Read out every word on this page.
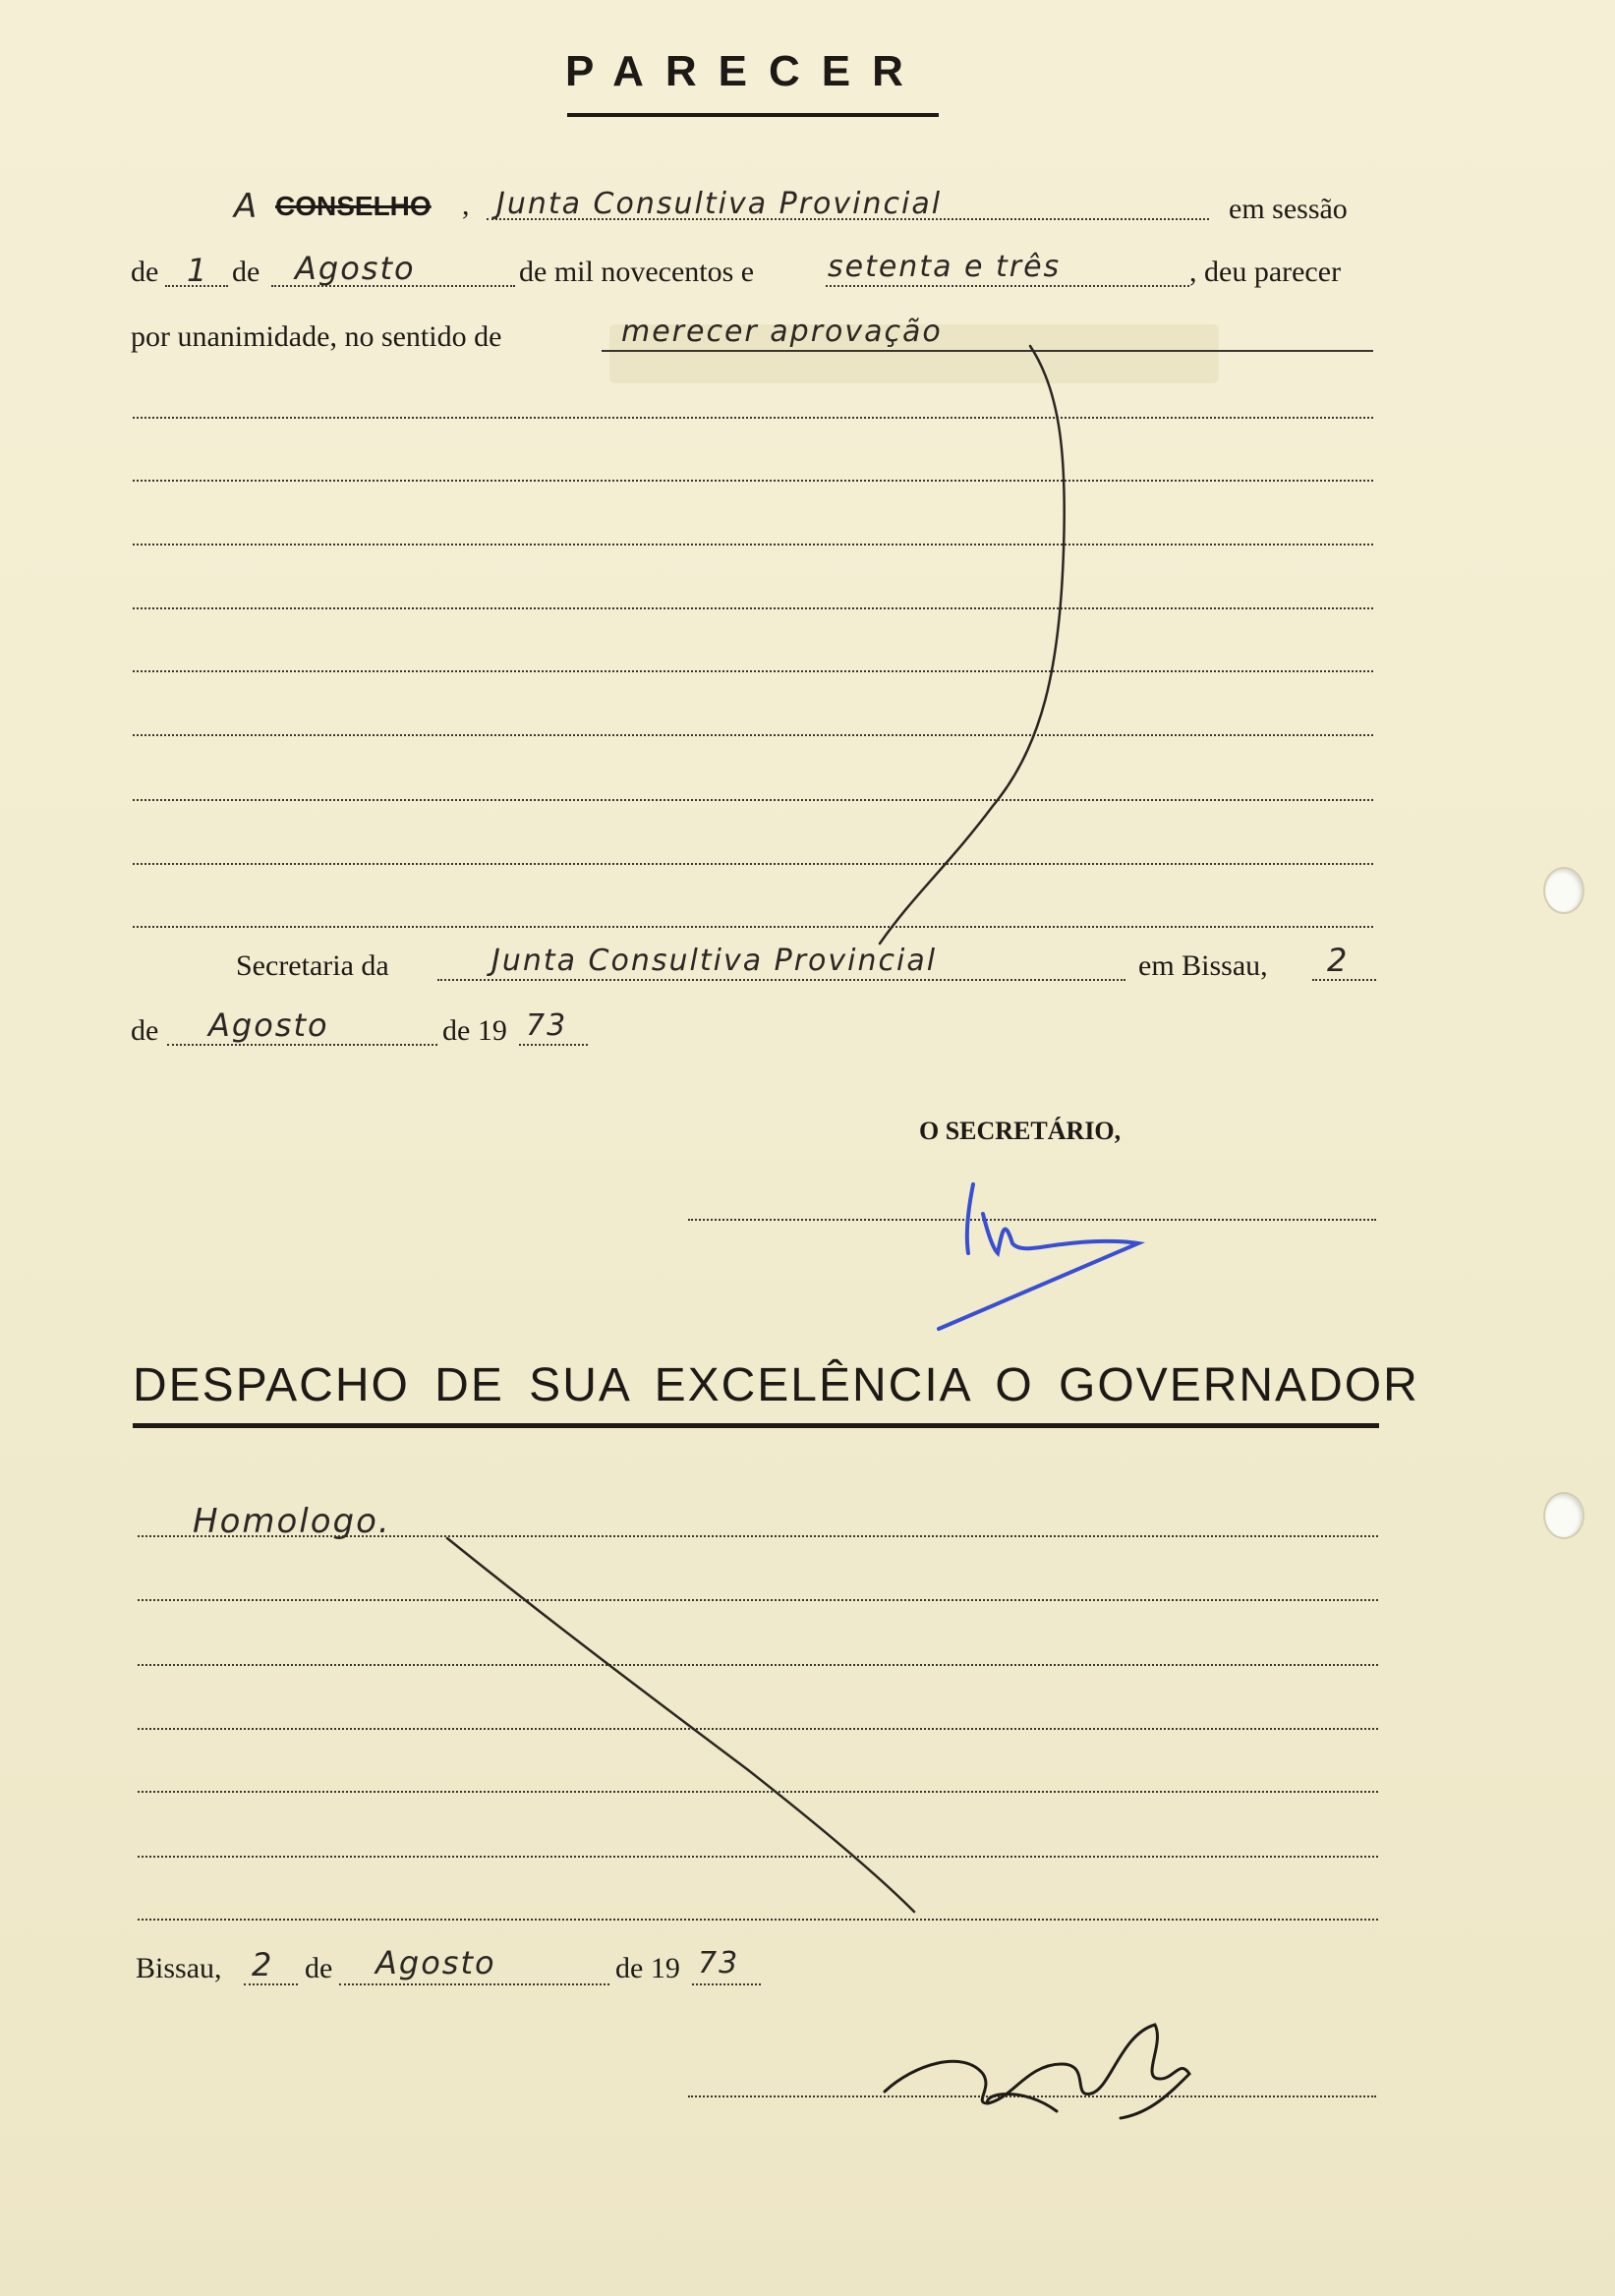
PARECER
A CONSELHO , Junta Consultiva Provincial	em sessão
de 1 de Agosto	de mil novecentos e setenta e três	, deu parecer
por unanimidade, no sentido de	merecer aprovação
Secretaria da	Junta Consultiva Provincial	em Bissau, 2
de Agosto	de 19 73
O SECRETÁRIO,
DESPACHO DE SUA EXCELÊNCIA O GOVERNADOR
Homologo.
Bissau, 2 de Agosto	de 19 73
